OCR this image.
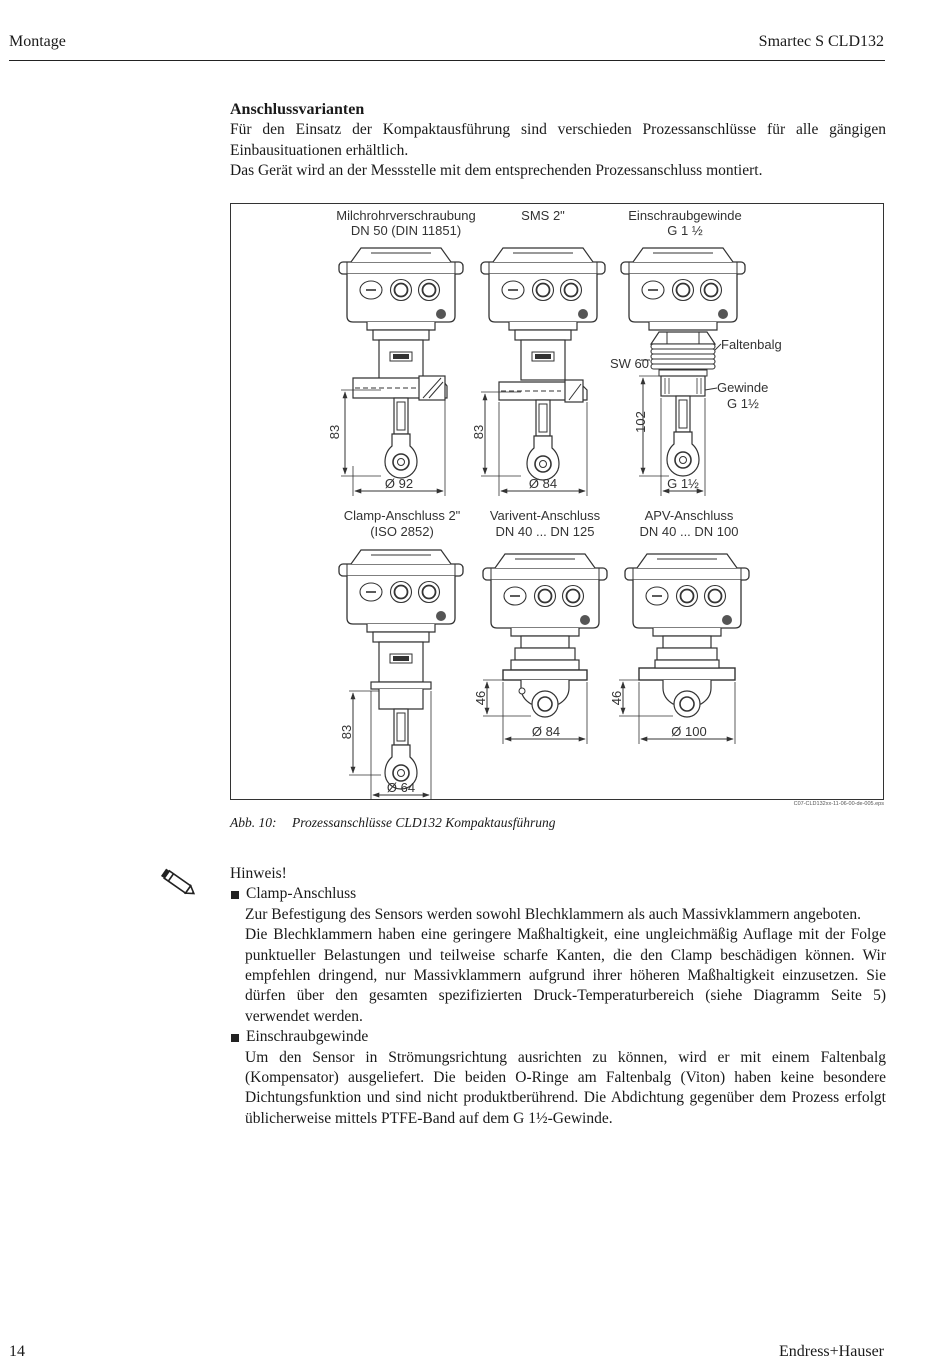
Montage	Smartec S CLD132
Anschlussvarianten

Für den Einsatz der Kompaktausführung sind verschieden Prozessanschlüsse für alle gängigen Einbausituationen erhältlich.

Das Gerät wird an der Messstelle mit dem entsprechenden Prozessanschluss montiert.

Milchrohrverschraubung
DN 50 (DIN 11851)
83
Ø 92
SMS 2"
83
Ø 84
Einschraubgewinde
G 1 ½
SW 60
Faltenbalg
Gewinde
G 1½
102
G 1½
Clamp-Anschluss 2"
(ISO 2852)
83
Ø 64
Varivent-Anschluss
DN 40 ... DN 125
46
Ø 84
APV-Anschluss
DN 40 ... DN 100
46
Ø 100
C07-CLD132xx-11-06-00-de-005.eps
Abb. 10: Prozessanschlüsse CLD132 Kompaktausführung
Hinweis!
Clamp-Anschluss

Zur Befestigung des Sensors werden sowohl Blechklammern als auch Massivklammern angeboten.

Die Blechklammern haben eine geringere Maßhaltigkeit, eine ungleichmäßig Auflage mit der Folge punktueller Belastungen und teilweise scharfe Kanten, die den Clamp beschädigen können. Wir empfehlen dringend, nur Massivklammern aufgrund ihrer höheren Maßhaltigkeit einzusetzen. Sie dürfen über den gesamten spezifizierten Druck-Temperaturbereich (siehe Diagramm Seite 5) verwendet werden.

Einschraubgewinde

Um den Sensor in Strömungsrichtung ausrichten zu können, wird er mit einem Faltenbalg (Kompensator) ausgeliefert. Die beiden O-Ringe am Faltenbalg (Viton) haben keine besondere Dichtungsfunktion und sind nicht produktberührend. Die Abdichtung gegenüber dem Prozess erfolgt üblicherweise mittels PTFE-Band auf dem G 1½-Gewinde.

14	Endress+Hauser
